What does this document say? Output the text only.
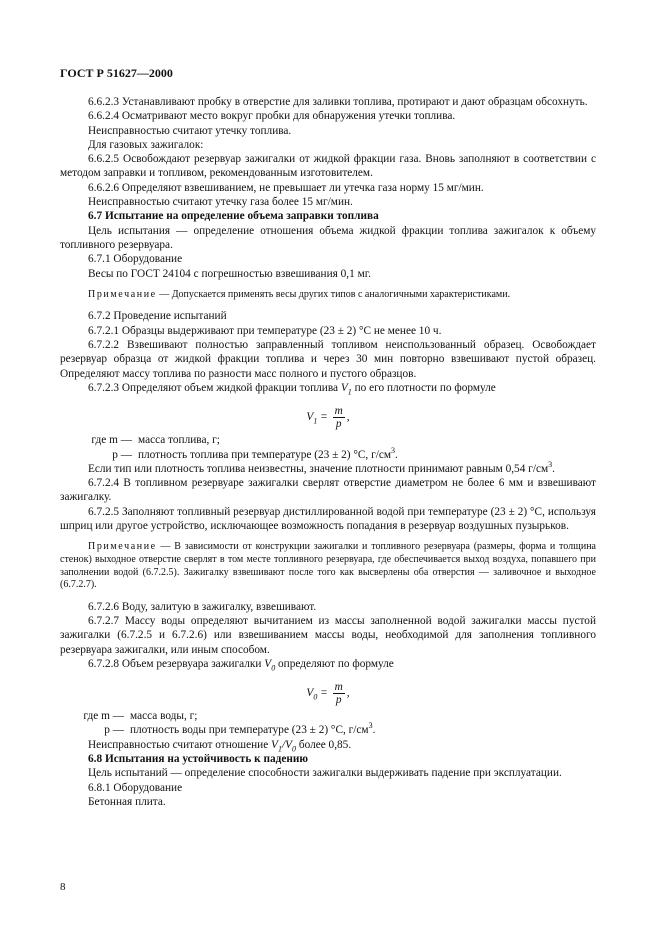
ГОСТ Р 51627—2000

6.6.2.3 Устанавливают пробку в отверстие для заливки топлива, протирают и дают образцам обсохнуть.

6.6.2.4 Осматривают место вокруг пробки для обнаружения утечки топлива.

Неисправностью считают утечку топлива.

Для газовых зажигалок:

6.6.2.5 Освобождают резервуар зажигалки от жидкой фракции газа. Вновь заполняют в соответствии с методом заправки и топливом, рекомендованным изготовителем.

6.6.2.6 Определяют взвешиванием, не превышает ли утечка газа норму 15 мг/мин.

Неисправностью считают утечку газа более 15 мг/мин.

6.7 Испытание на определение объема заправки топлива

Цель испытания — определение отношения объема жидкой фракции топлива зажигалок к объему топливного резервуара.

6.7.1 Оборудование

Весы по ГОСТ 24104 с погрешностью взвешивания 0,1 мг.

Примечание — Допускается применять весы других типов с аналогичными характеристиками.

6.7.2 Проведение испытаний

6.7.2.1 Образцы выдерживают при температуре (23 ± 2) °С не менее 10 ч.

6.7.2.2 Взвешивают полностью заправленный топливом неиспользованный образец. Освобождает резервуар образца от жидкой фракции топлива и через 30 мин повторно взвешивают пустой образец. Определяют массу топлива по разности масс полного и пустого образцов.

6.7.2.3 Определяют объем жидкой фракции топлива $V_1$ по его плотности по формуле

$V_1 = \frac{m}{p}$ ,
где m — масса топлива, г;
p — плотность топлива при температуре (23 ± 2) °С, $г/см^3$.

Если тип или плотность топлива неизвестны, значение плотности принимают равным 0,54 $г/см^3$.

6.7.2.4 В топливном резервуаре зажигалки сверлят отверстие диаметром не более 6 мм и взвешивают зажигалку.

6.7.2.5 Заполняют топливный резервуар дистиллированной водой при температуре (23 ± 2) °С, используя шприц или другое устройство, исключающее возможность попадания в резервуар воздушных пузырьков.

Примечание — В зависимости от конструкции зажигалки и топливного резервуара (размеры, форма и толщина стенок) выходное отверстие сверлят в том месте топливного резервуара, где обеспечивается выход воздуха, попавшего при заполнении водой (6.7.2.5). Зажигалку взвешивают после того как высверлены оба отверстия — заливочное и выходное (6.7.2.7).

6.7.2.6 Воду, залитую в зажигалку, взвешивают.

6.7.2.7 Массу воды определяют вычитанием из массы заполненной водой зажигалки массы пустой зажигалки (6.7.2.5 и 6.7.2.6) или взвешиванием массы воды, необходимой для заполнения топливного резервуара зажигалки, или иным способом.

6.7.2.8 Объем резервуара зажигалки $V_0$ определяют по формуле

$V_0 = \frac{m}{p}$ ,
где m — масса воды, г;
p — плотность воды при температуре (23 ± 2) °С, $г/см^3$.

Неисправностью считают отношение $V_1/V_0$ более 0,85.

6.8 Испытания на устойчивость к падению

Цель испытаний — определение способности зажигалки выдерживать падение при эксплуатации.

6.8.1 Оборудование

Бетонная плита.

8
